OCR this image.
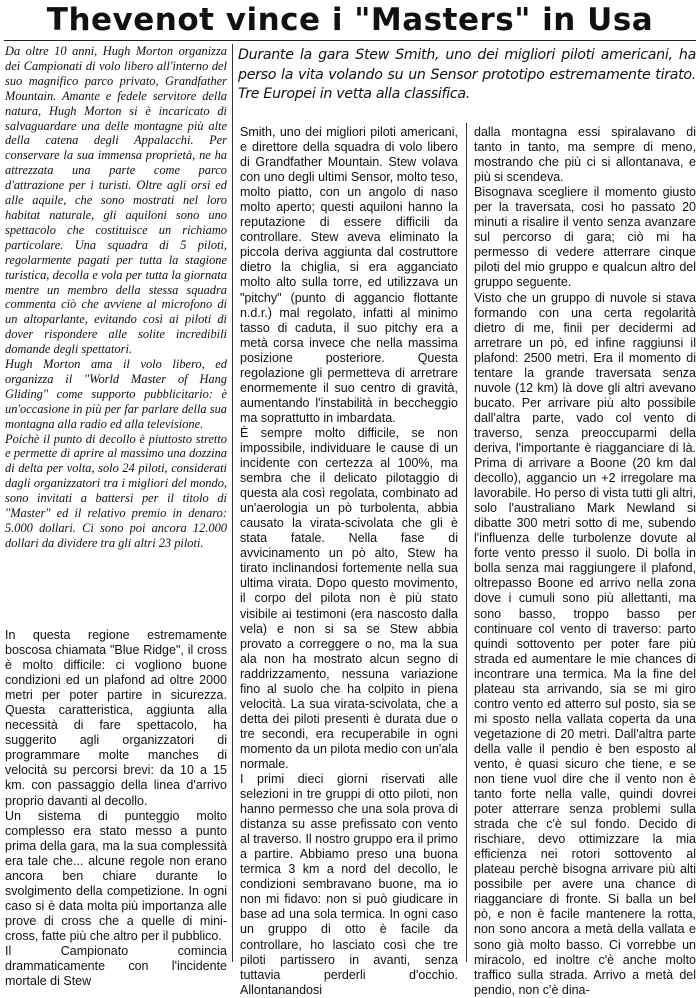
Thevenot vince i "Masters" in Usa

Da oltre 10 anni, Hugh Morton organizza dei Campionati di volo libero all'interno del suo magnifico parco privato, Grandfather Mountain. Amante e fedele servitore della natura, Hugh Morton si è incaricato di salvaguardare una delle montagne più alte della catena degli Appalacchi. Per conservare la sua immensa proprietà, ne ha attrezzata una parte come parco d'attrazione per i turisti. Oltre agli orsi ed alle aquile, che sono mostrati nel loro habitat naturale, gli aquiloni sono uno spettacolo che costituisce un richiamo particolare. Una squadra di 5 piloti, regolarmente pagati per tutta la stagione turistica, decolla e vola per tutta la giornata mentre un membro della stessa squadra commenta ciò che avviene al microfono di un altoparlante, evitando così ai piloti di dover rispondere alle solite incredibili domande degli spettatori.

Hugh Morton ama il volo libero, ed organizza il "World Master of Hang Gliding" come supporto pubblicitario: è un'occasione in più per far parlare della sua montagna alla radio ed alla televisione.

Poichè il punto di decollo è piuttosto stretto e permette di aprire al massimo una dozzina di delta per volta, solo 24 piloti, considerati dagli organizzatori tra i migliori del mondo, sono invitati a battersi per il titolo di "Master" ed il relativo premio in denaro: 5.000 dollari. Ci sono poi ancora 12.000 dollari da dividere tra gli altri 23 piloti.

In questa regione estremamente boscosa chiamata "Blue Ridge", il cross è molto difficile: ci vogliono buone condizioni ed un plafond ad oltre 2000 metri per poter partire in sicurezza. Questa caratteristica, aggiunta alla necessità di fare spettacolo, ha suggerito agli organizzatori di programmare molte manches di velocità su percorsi brevi: da 10 a 15 km. con passaggio della linea d'arrivo proprio davanti al decollo.

Un sistema di punteggio molto complesso era stato messo a punto prima della gara, ma la sua complessità era tale che... alcune regole non erano ancora ben chiare durante lo svolgimento della competizione. In ogni caso si è data molta più importanza alle prove di cross che a quelle di mini-cross, fatte più che altro per il pubblico.

Il Campionato comincia drammaticamente con l'incidente mortale di Stew

Durante la gara Stew Smith, uno dei migliori piloti americani, ha perso la vita volando su un Sensor prototipo estremamente tirato. Tre Europei in vetta alla classifica.

Smith, uno dei migliori piloti americani, e direttore della squadra di volo libero di Grandfather Mountain. Stew volava con uno degli ultimi Sensor, molto teso, molto piatto, con un angolo di naso molto aperto; questi aquiloni hanno la reputazione di essere difficili da controllare. Stew aveva eliminato la piccola deriva aggiunta dal costruttore dietro la chiglia, si era agganciato molto alto sulla torre, ed utilizzava un "pitchy" (punto di aggancio flottante n.d.r.) mal regolato, infatti al minimo tasso di caduta, il suo pitchy era a metà corsa invece che nella massima posizione posteriore. Questa regolazione gli permetteva di arretrare enormemente il suo centro di gravità, aumentando l'instabilità in beccheggio ma soprattutto in imbardata.

È sempre molto difficile, se non impossibile, individuare le cause di un incidente con certezza al 100%, ma sembra che il delicato pilotaggio di questa ala così regolata, combinato ad un'aerologia un pò turbolenta, abbia causato la virata-scivolata che gli è stata fatale. Nella fase di avvicinamento un pò alto, Stew ha tirato inclinandosi fortemente nella sua ultima virata. Dopo questo movimento, il corpo del pilota non è più stato visibile ai testimoni (era nascosto dalla vela) e non si sa se Stew abbia provato a correggere o no, ma la sua ala non ha mostrato alcun segno di raddrizzamento, nessuna variazione fino al suolo che ha colpito in piena velocità. La sua virata-scivolata, che a detta dei piloti presenti è durata due o tre secondi, era recuperabile in ogni momento da un pilota medio con un'ala normale.

I primi dieci giorni riservati alle selezioni in tre gruppi di otto piloti, non hanno permesso che una sola prova di distanza su asse prefissato con vento al traverso. Il nostro gruppo era il primo a partire. Abbiamo preso una buona termica 3 km a nord del decollo, le condizioni sembravano buone, ma io non mi fidavo: non si può giudicare in base ad una sola termica. In ogni caso un gruppo di otto è facile da controllare, ho lasciato così che tre piloti partissero in avanti, senza tuttavia perderli d'occhio. Allontanandosi

dalla montagna essi spiralavano di tanto in tanto, ma sempre di meno, mostrando che più ci si allontanava, e più si scendeva.

Bisognava scegliere il momento giusto per la traversata, così ho passato 20 minuti a risalire il vento senza avanzare sul percorso di gara; ciò mi ha permesso di vedere atterrare cinque piloti del mio gruppo e qualcun altro del gruppo seguente.

Visto che un gruppo di nuvole si stava formando con una certa regolarità dietro di me, finii per decidermi ad arretrare un pò, ed infine raggiunsi il plafond: 2500 metri. Era il momento di tentare la grande traversata senza nuvole (12 km) là dove gli altri avevano bucato. Per arrivare più alto possibile dall'altra parte, vado col vento di traverso, senza preoccuparmi della deriva, l'importante è riagganciare di là. Prima di arrivare a Boone (20 km dal decollo), aggancio un +2 irregolare ma lavorabile. Ho perso di vista tutti gli altri, solo l'australiano Mark Newland si dibatte 300 metri sotto di me, subendo l'influenza delle turbolenze dovute al forte vento presso il suolo. Di bolla in bolla senza mai raggiungere il plafond, oltrepasso Boone ed arrivo nella zona dove i cumuli sono più allettanti, ma sono basso, troppo basso per continuare col vento di traverso: parto quindi sottovento per poter fare più strada ed aumentare le mie chances di incontrare una termica. Ma la fine del plateau sta arrivando, sia se mi giro contro vento ed atterro sul posto, sia se mi sposto nella vallata coperta da una vegetazione di 20 metri. Dall'altra parte della valle il pendio è ben esposto al vento, è quasi sicuro che tiene, e se non tiene vuol dire che il vento non è tanto forte nella valle, quindi dovrei poter atterrare senza problemi sulla strada che c'è sul fondo. Decido di rischiare, devo ottimizzare la mia efficienza nei rotori sottovento al plateau perchè bisogna arrivare più alti possibile per avere una chance di riagganciare di fronte. Si balla un bel pò, e non è facile mantenere la rotta, non sono ancora a metà della vallata e sono già molto basso. Ci vorrebbe un miracolo, ed inoltre c'è anche molto traffico sulla strada. Arrivo a metà del pendio, non c'è dina-
